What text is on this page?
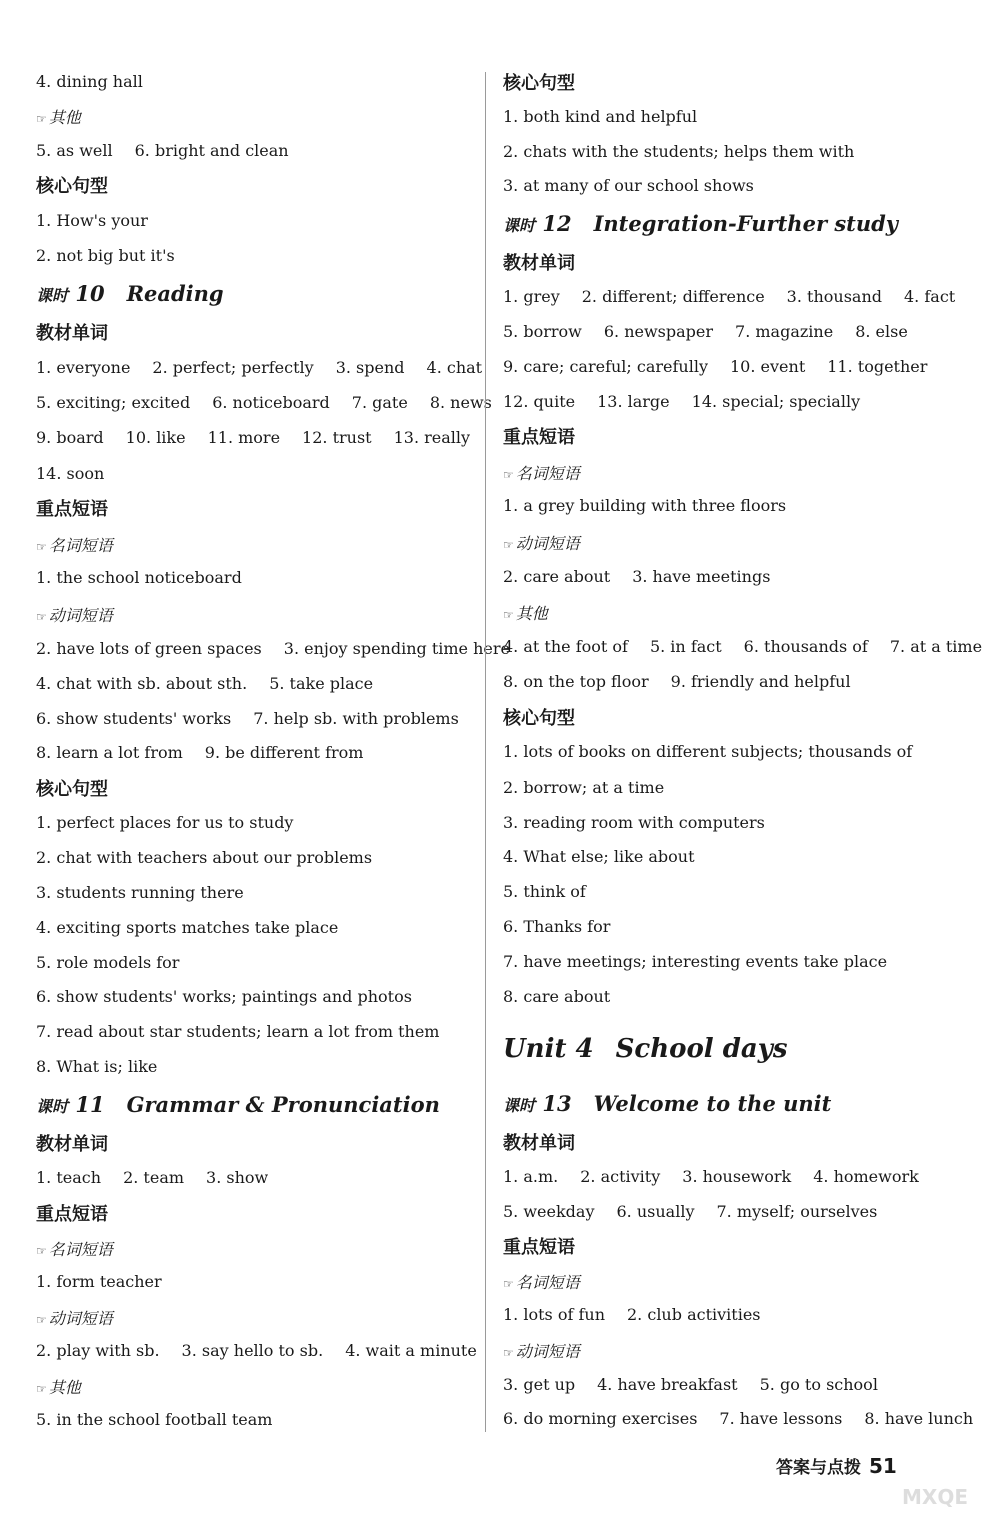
4. dining hall
☞ 其他
5. as well 6. bright and clean
核心句型
1. How's your
2. not big but it's
课时 10 Reading
教材单词
1. everyone 2. perfect; perfectly 3. spend 4. chat
5. exciting; excited 6. noticeboard 7. gate 8. news
9. board 10. like 11. more 12. trust 13. really
14. soon
重点短语
☞ 名词短语
1. the school noticeboard
☞ 动词短语
2. have lots of green spaces 3. enjoy spending time here
4. chat with sb. about sth. 5. take place
6. show students' works 7. help sb. with problems
8. learn a lot from 9. be different from
核心句型
1. perfect places for us to study
2. chat with teachers about our problems
3. students running there
4. exciting sports matches take place
5. role models for
6. show students' works; paintings and photos
7. read about star students; learn a lot from them
8. What is; like
课时 11 Grammar & Pronunciation
教材单词
1. teach 2. team 3. show
重点短语
☞ 名词短语
1. form teacher
☞ 动词短语
2. play with sb. 3. say hello to sb. 4. wait a minute
☞ 其他
5. in the school football team
核心句型
1. both kind and helpful
2. chats with the students; helps them with
3. at many of our school shows
课时 12 Integration-Further study
教材单词
1. grey 2. different; difference 3. thousand 4. fact
5. borrow 6. newspaper 7. magazine 8. else
9. care; careful; carefully 10. event 11. together
12. quite 13. large 14. special; specially
重点短语
☞ 名词短语
1. a grey building with three floors
☞ 动词短语
2. care about 3. have meetings
☞ 其他
4. at the foot of 5. in fact 6. thousands of 7. at a time
8. on the top floor 9. friendly and helpful
核心句型
1. lots of books on different subjects; thousands of
2. borrow; at a time
3. reading room with computers
4. What else; like about
5. think of
6. Thanks for
7. have meetings; interesting events take place
8. care about
Unit 4 School days
课时 13 Welcome to the unit
教材单词
1. a.m. 2. activity 3. housework 4. homework
5. weekday 6. usually 7. myself; ourselves
重点短语
☞ 名词短语
1. lots of fun 2. club activities
☞ 动词短语
3. get up 4. have breakfast 5. go to school
6. do morning exercises 7. have lessons 8. have lunch
答案与点拨 51
MXQE
